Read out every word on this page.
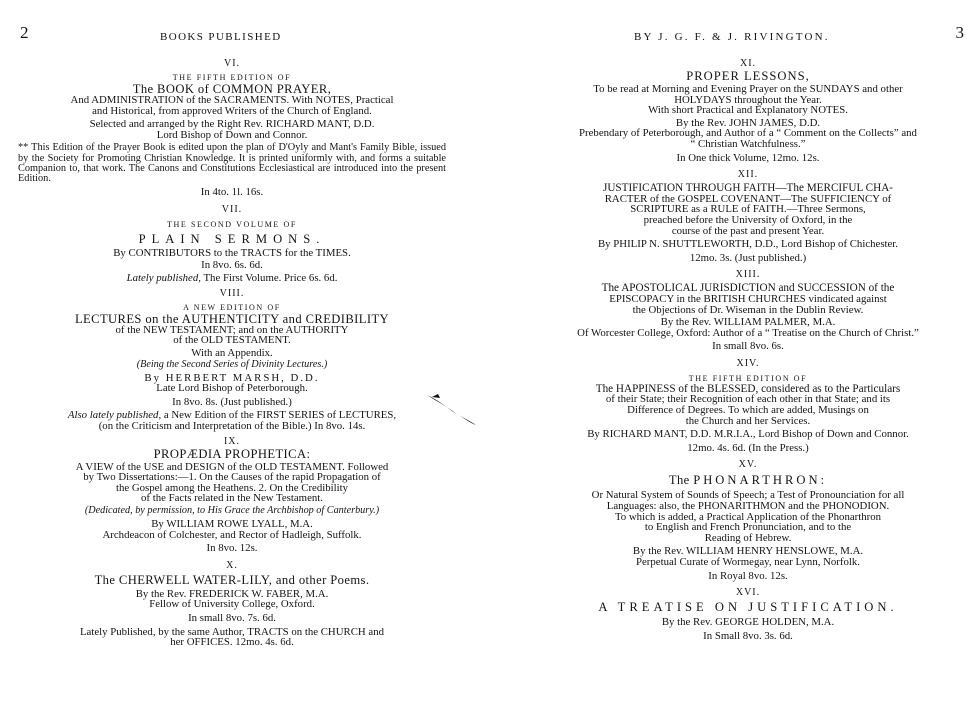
2	BOOKS PUBLISHED
VI.
THE FIFTH EDITION OF
The BOOK of COMMON PRAYER,
And ADMINISTRATION of the SACRAMENTS. With NOTES, Practical
and Historical, from approved Writers of the Church of England.
Selected and arranged by the Right Rev. RICHARD MANT, D.D.
Lord Bishop of Down and Connor.
** This Edition of the Prayer Book is edited upon the plan of D'Oyly and Mant's Family Bible, issued by the Society for Promoting Christian Knowledge. It is printed uniformly with, and forms a suitable Companion to, that work. The Canons and Constitutions Ecclesiastical are introduced into the present Edition.
In 4to. 1l. 16s.
VII.
THE SECOND VOLUME OF
PLAIN SERMONS.
By CONTRIBUTORS to the TRACTS for the TIMES.
In 8vo. 6s. 6d.
Lately published, The First Volume. Price 6s. 6d.
VIII.
A NEW EDITION OF
LECTURES on the AUTHENTICITY and CREDIBILITY
of the NEW TESTAMENT; and on the AUTHORITY
of the OLD TESTAMENT.
With an Appendix.
(Being the Second Series of Divinity Lectures.)
By HERBERT MARSH, D.D.
Late Lord Bishop of Peterborough.
In 8vo. 8s. (Just published.)
Also lately published, a New Edition of the FIRST SERIES of LECTURES,
(on the Criticism and Interpretation of the Bible.) In 8vo. 14s.
IX.
PROPÆDIA PROPHETICA:
A VIEW of the USE and DESIGN of the OLD TESTAMENT. Followed
by Two Dissertations:—1. On the Causes of the rapid Propagation of
the Gospel among the Heathens. 2. On the Credibility
of the Facts related in the New Testament.
(Dedicated, by permission, to His Grace the Archbishop of Canterbury.)
By WILLIAM ROWE LYALL, M.A.
Archdeacon of Colchester, and Rector of Hadleigh, Suffolk.
In 8vo. 12s.
X.
The CHERWELL WATER-LILY, and other Poems.
By the Rev. FREDERICK W. FABER, M.A.
Fellow of University College, Oxford.
In small 8vo. 7s. 6d.
Lately Published, by the same Author, TRACTS on the CHURCH and
her OFFICES. 12mo. 4s. 6d.
BY J. G. F. & J. RIVINGTON.	3
XI.
PROPER LESSONS,
To be read at Morning and Evening Prayer on the SUNDAYS and other
HOLYDAYS throughout the Year.
With short Practical and Explanatory NOTES.
By the Rev. JOHN JAMES, D.D.
Prebendary of Peterborough, and Author of a “ Comment on the Collects” and
“ Christian Watchfulness.”
In One thick Volume, 12mo. 12s.
XII.
JUSTIFICATION THROUGH FAITH—The MERCIFUL CHA-
RACTER of the GOSPEL COVENANT—The SUFFICIENCY of
SCRIPTURE as a RULE of FAITH.—Three Sermons,
preached before the University of Oxford, in the
course of the past and present Year.
By PHILIP N. SHUTTLEWORTH, D.D., Lord Bishop of Chichester.
12mo. 3s. (Just published.)
XIII.
The APOSTOLICAL JURISDICTION and SUCCESSION of the
EPISCOPACY in the BRITISH CHURCHES vindicated against
the Objections of Dr. Wiseman in the Dublin Review.
By the Rev. WILLIAM PALMER, M.A.
Of Worcester College, Oxford: Author of a “ Treatise on the Church of Christ.”
In small 8vo. 6s.
XIV.
THE FIFTH EDITION OF
The HAPPINESS of the BLESSED, considered as to the Particulars
of their State; their Recognition of each other in that State; and its
Difference of Degrees. To which are added, Musings on
the Church and her Services.
By RICHARD MANT, D.D. M.R.I.A., Lord Bishop of Down and Connor.
12mo. 4s. 6d. (In the Press.)
XV.
The PHONARTHRON:
Or Natural System of Sounds of Speech; a Test of Pronounciation for all
Languages: also, the PHONARITHMON and the PHONODION.
To which is added, a Practical Application of the Phonarthron
to English and French Pronunciation, and to the
Reading of Hebrew.
By the Rev. WILLIAM HENRY HENSLOWE, M.A.
Perpetual Curate of Wormegay, near Lynn, Norfolk.
In Royal 8vo. 12s.
XVI.
A TREATISE ON JUSTIFICATION.
By the Rev. GEORGE HOLDEN, M.A.
In Small 8vo. 3s. 6d.
